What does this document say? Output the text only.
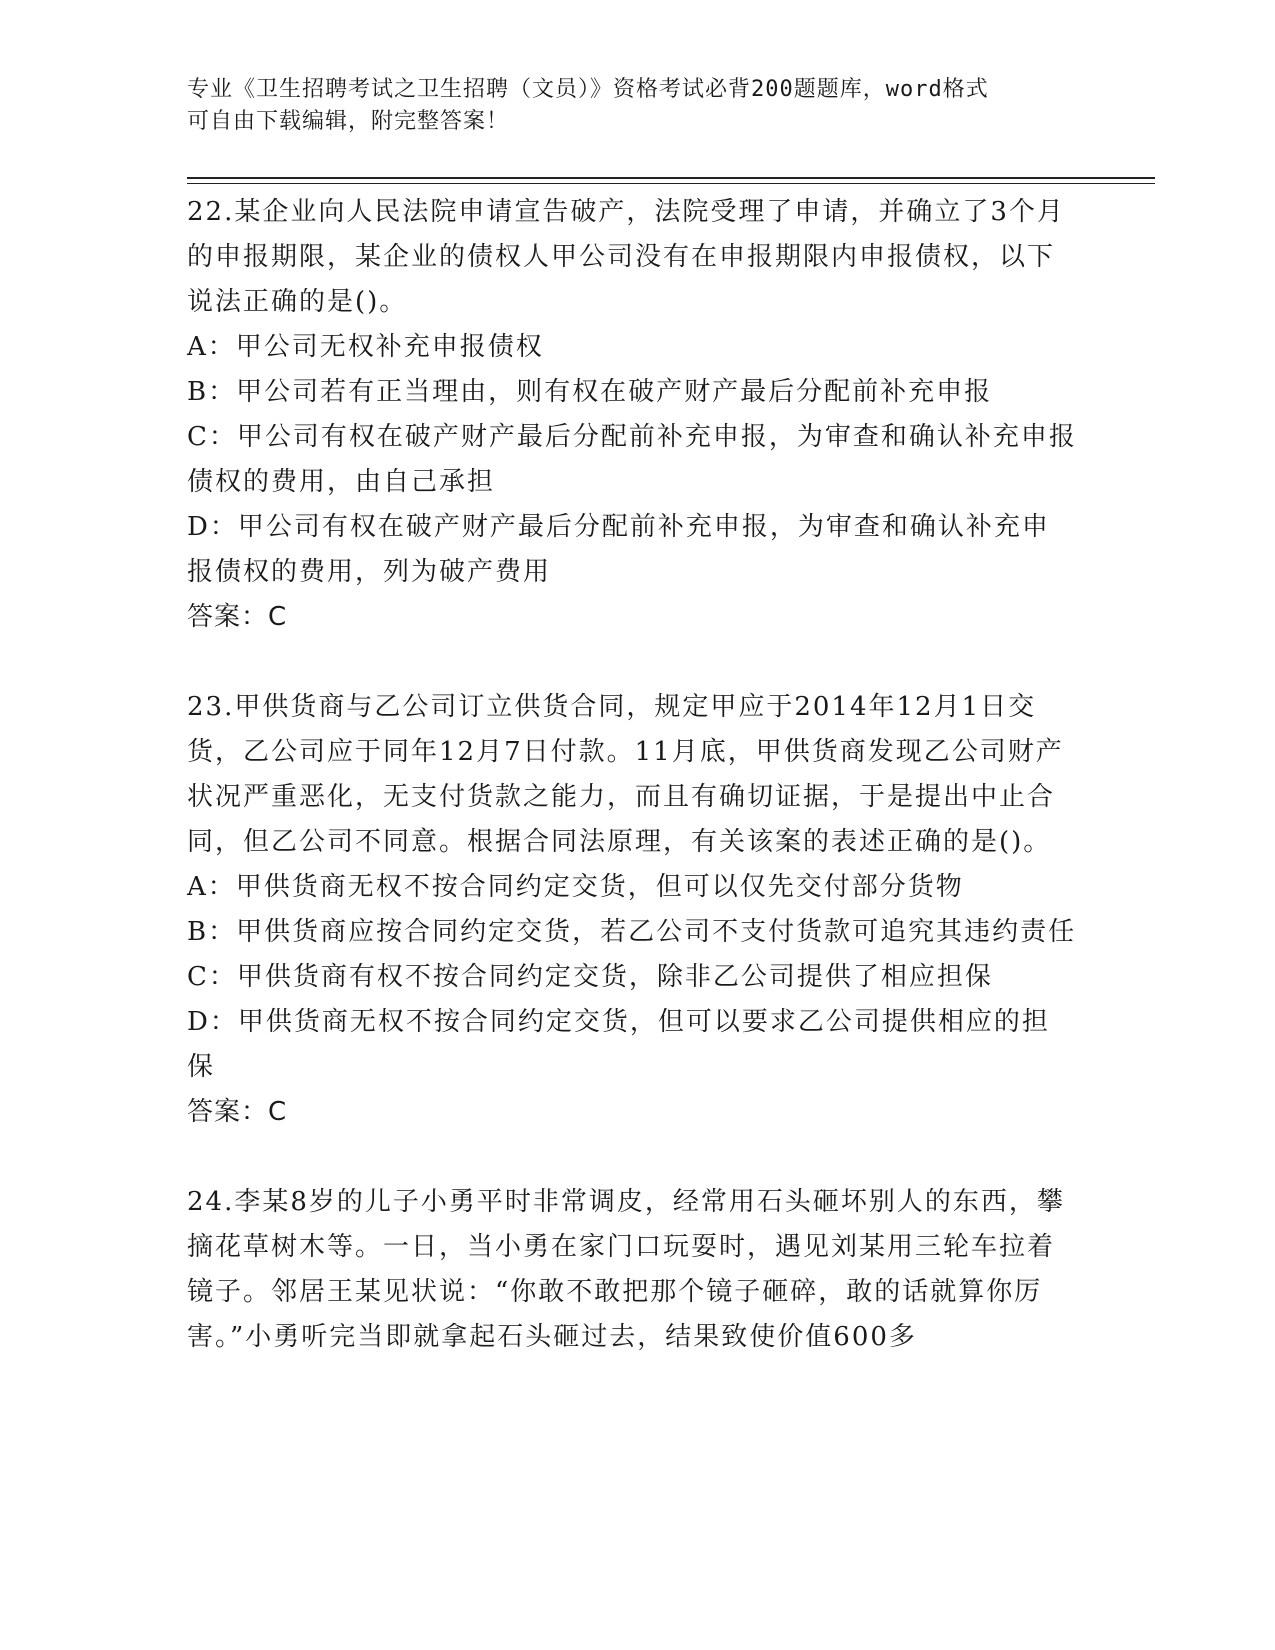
专业《卫生招聘考试之卫生招聘（文员）》资格考试必背200题题库，word格式
可自由下载编辑，附完整答案！

22.某企业向人民法院申请宣告破产，法院受理了申请，并确立了3个月的申报期限，某企业的债权人甲公司没有在申报期限内申报债权，以下说法正确的是()。

A：甲公司无权补充申报债权

B：甲公司若有正当理由，则有权在破产财产最后分配前补充申报

C：甲公司有权在破产财产最后分配前补充申报，为审查和确认补充申报债权的费用，由自己承担

D：甲公司有权在破产财产最后分配前补充申报，为审查和确认补充申报债权的费用，列为破产费用

答案：C

23.甲供货商与乙公司订立供货合同，规定甲应于2014年12月1日交货，乙公司应于同年12月7日付款。11月底，甲供货商发现乙公司财产状况严重恶化，无支付货款之能力，而且有确切证据，于是提出中止合同，但乙公司不同意。根据合同法原理，有关该案的表述正确的是()。

A：甲供货商无权不按合同约定交货，但可以仅先交付部分货物

B：甲供货商应按合同约定交货，若乙公司不支付货款可追究其违约责任

C：甲供货商有权不按合同约定交货，除非乙公司提供了相应担保

D：甲供货商无权不按合同约定交货，但可以要求乙公司提供相应的担保

答案：C

24.李某8岁的儿子小勇平时非常调皮，经常用石头砸坏别人的东西，攀摘花草树木等。一日，当小勇在家门口玩耍时，遇见刘某用三轮车拉着镜子。邻居王某见状说：“你敢不敢把那个镜子砸碎，敢的话就算你厉害。”小勇听完当即就拿起石头砸过去，结果致使价值600多
